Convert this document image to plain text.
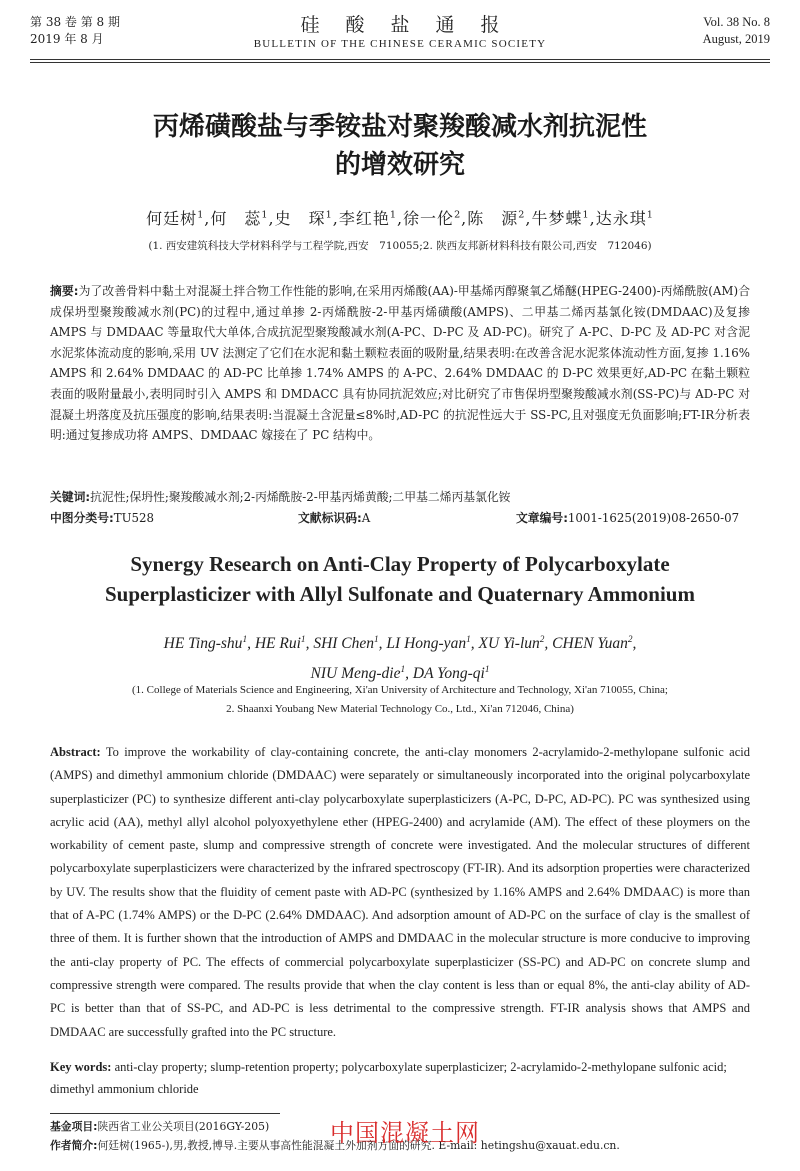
第 38 卷 第 8 期
2019 年 8 月
硅酸盐通报
BULLETIN OF THE CHINESE CERAMIC SOCIETY
Vol. 38 No. 8
August, 2019
丙烯磺酸盐与季铵盐对聚羧酸减水剂抗泥性
的增效研究
何廷树$^1$,何　蕊$^1$,史　琛$^1$,李红艳$^1$,徐一伦$^2$,陈　源$^2$,牛梦蝶$^1$,达永琪$^1$
(1. 西安建筑科技大学材料科学与工程学院,西安　710055;2. 陕西友邦新材料科技有限公司,西安　712046)
摘要:为了改善骨料中黏土对混凝土拌合物工作性能的影响,在采用丙烯酸(AA)-甲基烯丙醇聚氧乙烯醚(HPEG-2400)-丙烯酰胺(AM)合成保坍型聚羧酸减水剂(PC)的过程中,通过单掺 2-丙烯酰胺-2-甲基丙烯磺酸(AMPS)、二甲基二烯丙基氯化铵(DMDAAC)及复掺 AMPS 与 DMDAAC 等量取代大单体,合成抗泥型聚羧酸减水剂(A-PC、D-PC 及 AD-PC)。研究了 A-PC、D-PC 及 AD-PC 对含泥水泥浆体流动度的影响,采用 UV 法测定了它们在水泥和黏土颗粒表面的吸附量,结果表明:在改善含泥水泥浆体流动性方面,复掺 1.16% AMPS 和 2.64% DMDAAC 的 AD-PC 比单掺 1.74% AMPS 的 A-PC、2.64% DMDAAC 的 D-PC 效果更好,AD-PC 在黏土颗粒表面的吸附量最小,表明同时引入 AMPS 和 DMDACC 具有协同抗泥效应;对比研究了市售保坍型聚羧酸减水剂(SS-PC)与 AD-PC 对混凝土坍落度及抗压强度的影响,结果表明:当混凝土含泥量≤8%时,AD-PC 的抗泥性远大于 SS-PC,且对强度无负面影响;FT-IR分析表明:通过复掺成功将 AMPS、DMDAAC 嫁接在了 PC 结构中。
关键词:抗泥性;保坍性;聚羧酸减水剂;2-丙烯酰胺-2-甲基丙烯黄酸;二甲基二烯丙基氯化铵
中图分类号:TU528	文献标识码:A	文章编号:1001-1625(2019)08-2650-07
Synergy Research on Anti-Clay Property of Polycarboxylate
Superplasticizer with Allyl Sulfonate and Quaternary Ammonium
HE Ting-shu$^1$, HE Rui$^1$, SHI Chen$^1$, LI Hong-yan$^1$, XU Yi-lun$^2$, CHEN Yuan$^2$,
NIU Meng-die$^1$, DA Yong-$qi^1$
(1. College of Materials Science and Engineering, Xi'an University of Architecture and Technology, Xi'an 710055, China;
2. Shaanxi Youbang New Material Technology Co., Ltd., Xi'an 712046, China)
Abstract: To improve the workability of clay-containing concrete, the anti-clay monomers 2-acrylamido-2-methylopane sulfonic acid (AMPS) and dimethyl ammonium chloride (DMDAAC) were separately or simultaneously incorporated into the original polycarboxylate superplasticizer (PC) to synthesize different anti-clay polycarboxylate superplasticizers (A-PC, D-PC, AD-PC). PC was synthesized using acrylic acid (AA), methyl allyl alcohol polyoxyethylene ether (HPEG-2400) and acrylamide (AM). The effect of these ploymers on the workability of cement paste, slump and compressive strength of concrete were investigated. And the molecular structures of different polycarboxylate superplasticizers were characterized by the infrared spectroscopy (FT-IR). And its adsorption properties were characterized by UV. The results show that the fluidity of cement paste with AD-PC (synthesized by 1.16% AMPS and 2.64% DMDAAC) is more than that of A-PC (1.74% AMPS) or the D-PC (2.64% DMDAAC). And adsorption amount of AD-PC on the surface of clay is the smallest of three of them. It is further shown that the introduction of AMPS and DMDAAC in the molecular structure is more conducive to improving the anti-clay property of PC. The effects of commercial polycarboxylate superplasticizer (SS-PC) and AD-PC on concrete slump and compressive strength were compared. The results provide that when the clay content is less than or equal 8%, the anti-clay ability of AD-PC is better than that of SS-PC, and AD-PC is less detrimental to the compressive strength. FT-IR analysis shows that AMPS and DMDAAC are successfully grafted into the PC structure.
Key words: anti-clay property; slump-retention property; polycarboxylate superplasticizer; 2-acrylamido-2-methylopane sulfonic acid; dimethyl ammonium chloride
基金项目:陕西省工业公关项目(2016GY-205)
作者简介:何廷树(1965-),男,教授,博导.主要从事高性能混凝土外加剂方面的研究. E-mail: hetingshu@xauat.edu.cn.
中国混凝土网
